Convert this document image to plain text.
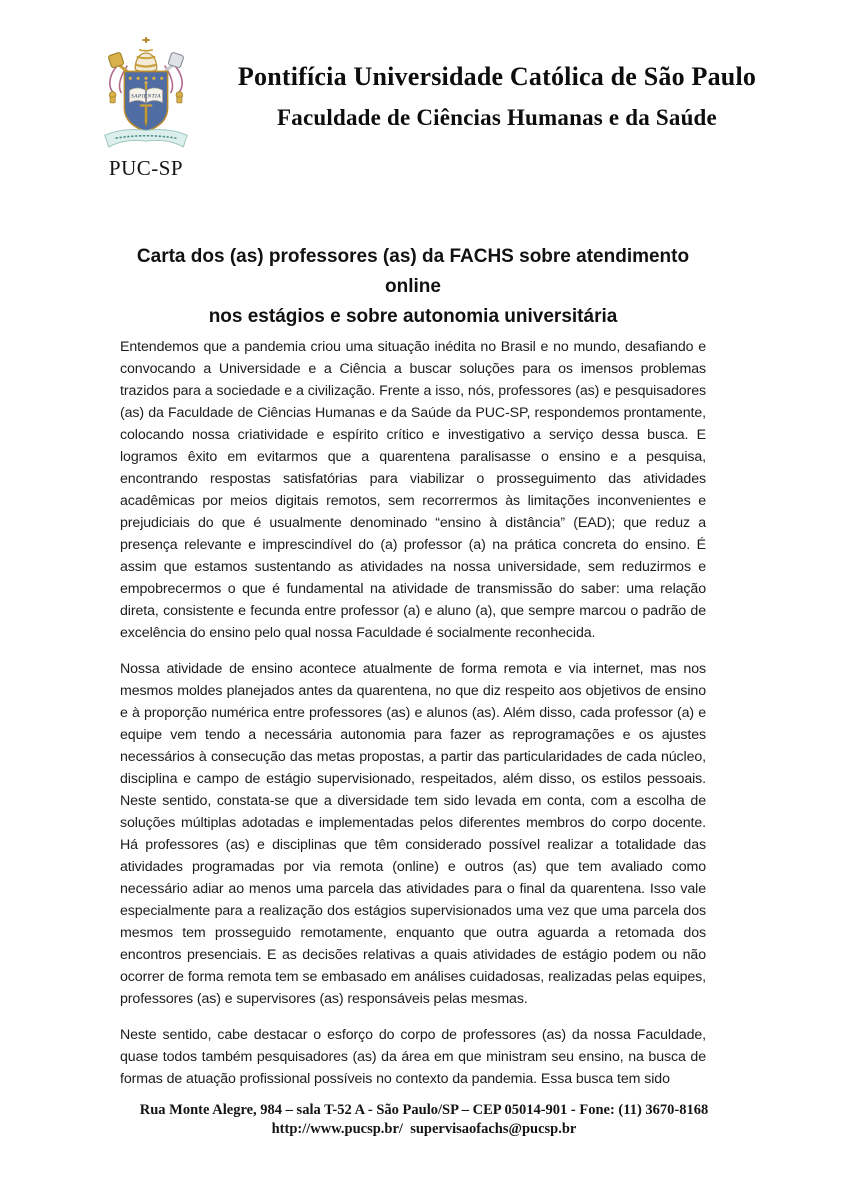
SAPIENTIA
PUC-SP
Pontifícia Universidade Católica de São Paulo
Faculdade de Ciências Humanas e da Saúde
Carta dos (as) professores (as) da FACHS sobre atendimento online
nos estágios e sobre autonomia universitária

Entendemos que a pandemia criou uma situação inédita no Brasil e no mundo, desafiando e convocando a Universidade e a Ciência a buscar soluções para os imensos problemas trazidos para a sociedade e a civilização. Frente a isso, nós, professores (as) e pesquisadores (as) da Faculdade de Ciências Humanas e da Saúde da PUC-SP, respondemos prontamente, colocando nossa criatividade e espírito crítico e investigativo a serviço dessa busca. E logramos êxito em evitarmos que a quarentena paralisasse o ensino e a pesquisa, encontrando respostas satisfatórias para viabilizar o prosseguimento das atividades acadêmicas por meios digitais remotos, sem recorrermos às limitações inconvenientes e prejudiciais do que é usualmente denominado “ensino à distância” (EAD); que reduz a presença relevante e imprescindível do (a) professor (a) na prática concreta do ensino. É assim que estamos sustentando as atividades na nossa universidade, sem reduzirmos e empobrecermos o que é fundamental na atividade de transmissão do saber: uma relação direta, consistente e fecunda entre professor (a) e aluno (a), que sempre marcou o padrão de excelência do ensino pelo qual nossa Faculdade é socialmente reconhecida.

Nossa atividade de ensino acontece atualmente de forma remota e via internet, mas nos mesmos moldes planejados antes da quarentena, no que diz respeito aos objetivos de ensino e à proporção numérica entre professores (as) e alunos (as). Além disso, cada professor (a) e equipe vem tendo a necessária autonomia para fazer as reprogramações e os ajustes necessários à consecução das metas propostas, a partir das particularidades de cada núcleo, disciplina e campo de estágio supervisionado, respeitados, além disso, os estilos pessoais. Neste sentido, constata-se que a diversidade tem sido levada em conta, com a escolha de soluções múltiplas adotadas e implementadas pelos diferentes membros do corpo docente. Há professores (as) e disciplinas que têm considerado possível realizar a totalidade das atividades programadas por via remota (online) e outros (as) que tem avaliado como necessário adiar ao menos uma parcela das atividades para o final da quarentena. Isso vale especialmente para a realização dos estágios supervisionados uma vez que uma parcela dos mesmos tem prosseguido remotamente, enquanto que outra aguarda a retomada dos encontros presenciais. E as decisões relativas a quais atividades de estágio podem ou não ocorrer de forma remota tem se embasado em análises cuidadosas, realizadas pelas equipes, professores (as) e supervisores (as) responsáveis pelas mesmas.

Neste sentido, cabe destacar o esforço do corpo de professores (as) da nossa Faculdade, quase todos também pesquisadores (as) da área em que ministram seu ensino, na busca de formas de atuação profissional possíveis no contexto da pandemia. Essa busca tem sido

Rua Monte Alegre, 984 – sala T-52 A - São Paulo/SP – CEP 05014-901 - Fone: (11) 3670-8168
http://www.pucsp.br/  supervisaofachs@pucsp.br
